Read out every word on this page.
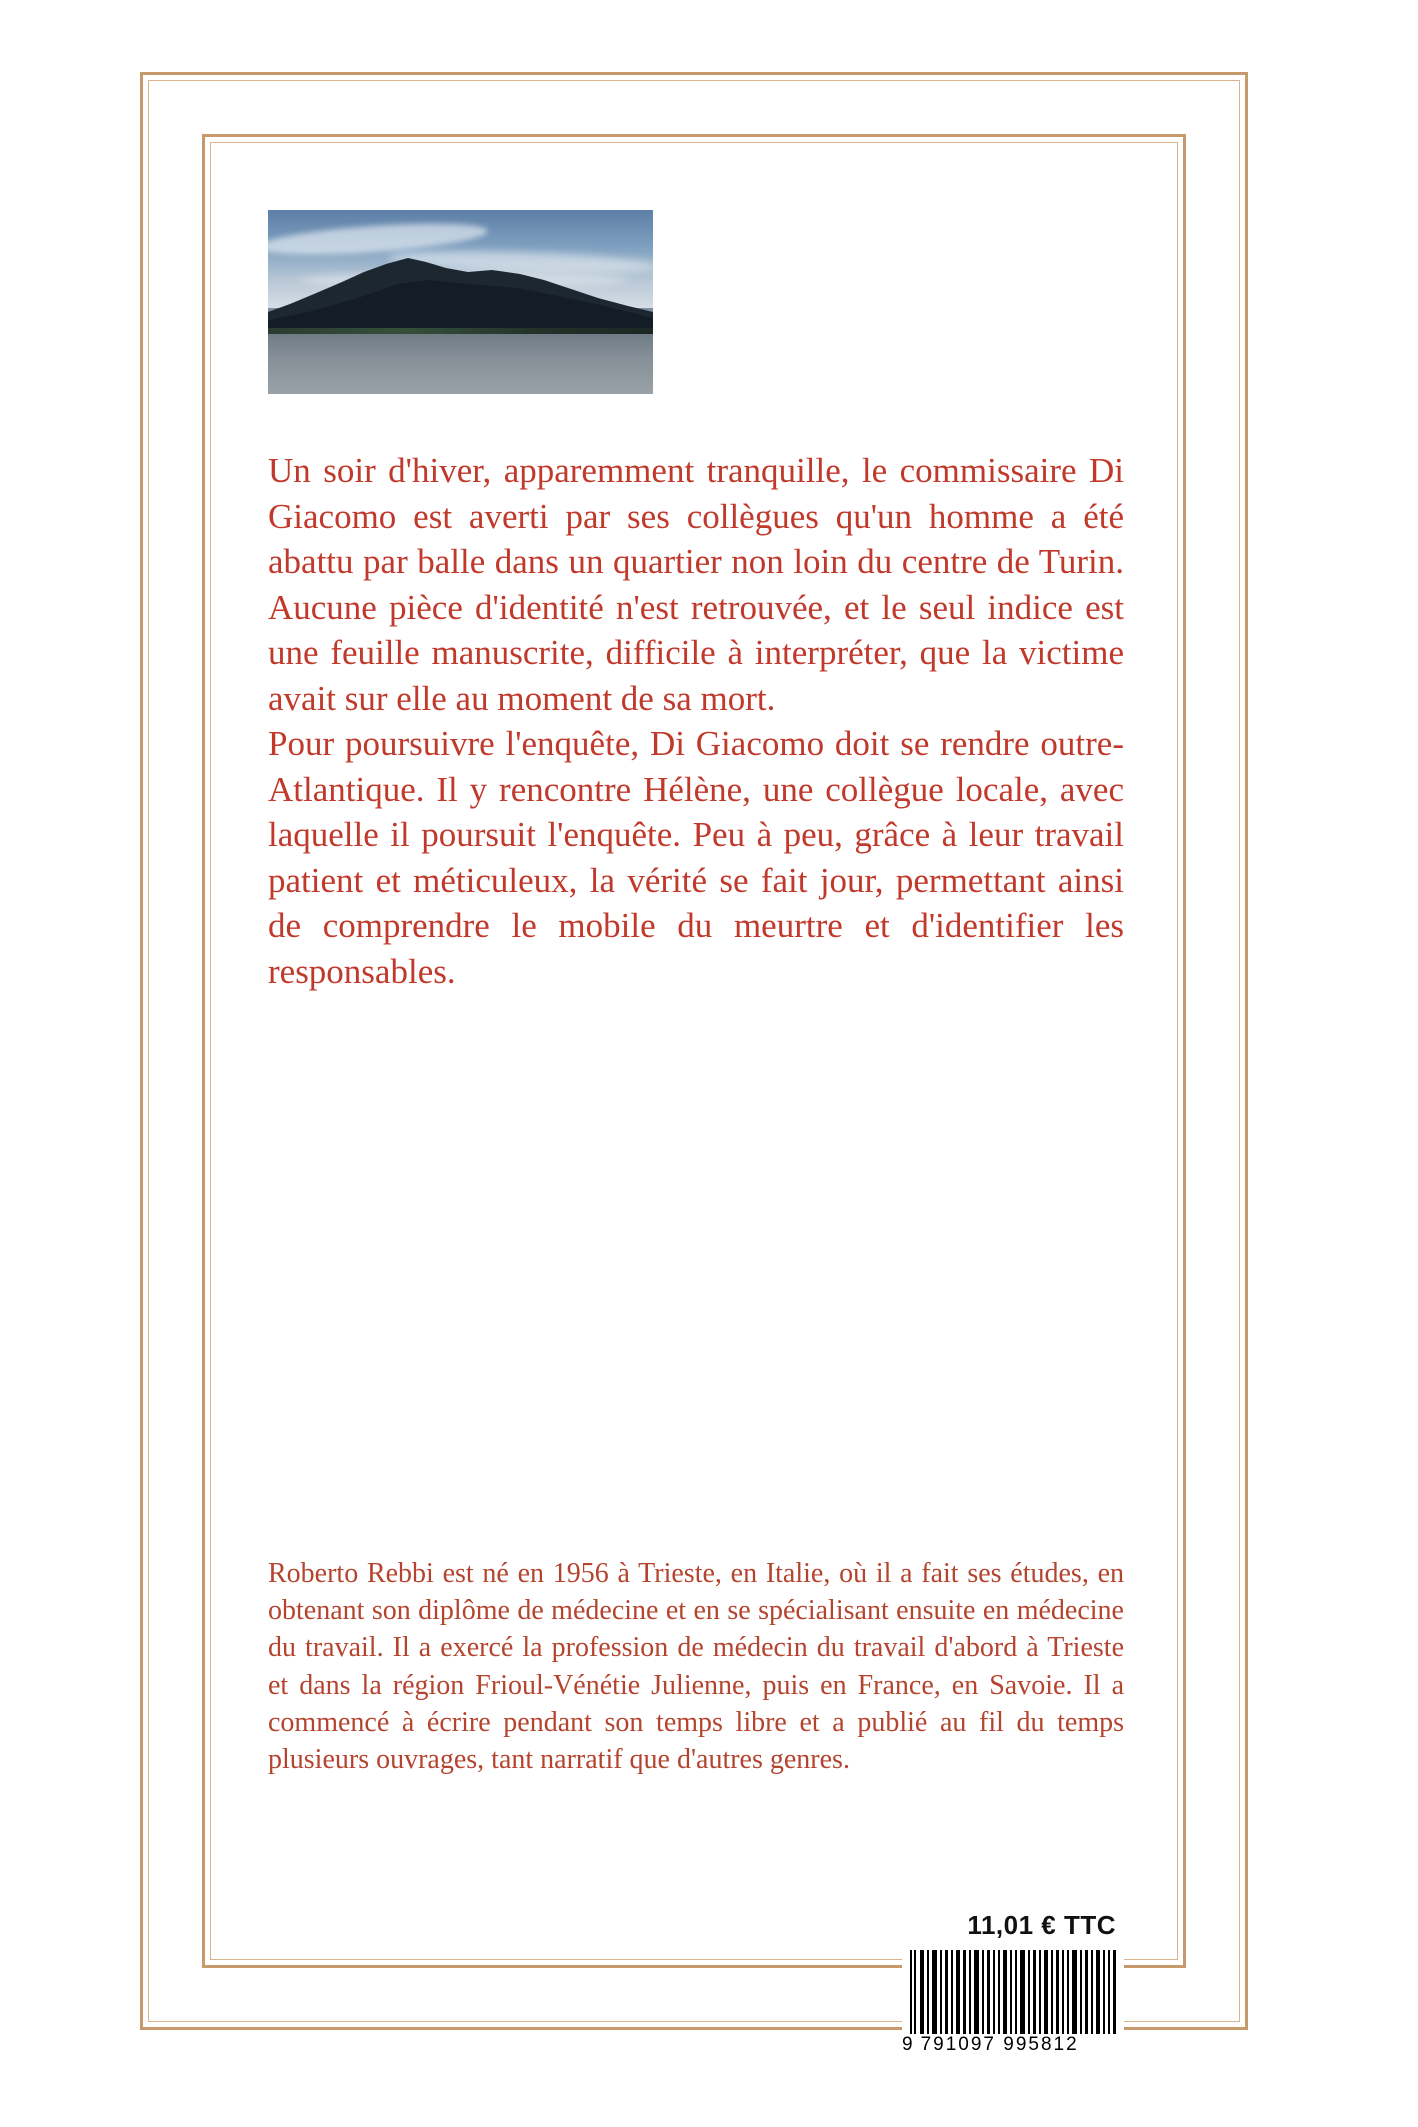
Un soir d'hiver, apparemment tranquille, le commissaire Di Giacomo est averti par ses collègues qu'un homme a été abattu par balle dans un quartier non loin du centre de Turin. Aucune pièce d'identité n'est retrouvée, et le seul indice est une feuille manuscrite, difficile à interpréter, que la victime avait sur elle au moment de sa mort.

Pour poursuivre l'enquête, Di Giacomo doit se rendre outre-Atlantique. Il y rencontre Hélène, une collègue locale, avec laquelle il poursuit l'enquête. Peu à peu, grâce à leur travail patient et méticuleux, la vérité se fait jour, permettant ainsi de comprendre le mobile du meurtre et d'identifier les responsables.

Roberto Rebbi est né en 1956 à Trieste, en Italie, où il a fait ses études, en obtenant son diplôme de médecine et en se spécialisant ensuite en médecine du travail. Il a exercé la profession de médecin du travail d'abord à Trieste et dans la région Frioul-Vénétie Julienne, puis en France, en Savoie. Il a commencé à écrire pendant son temps libre et a publié au fil du temps plusieurs ouvrages, tant narratif que d'autres genres.

11,01 € TTC
9 791097 995812
